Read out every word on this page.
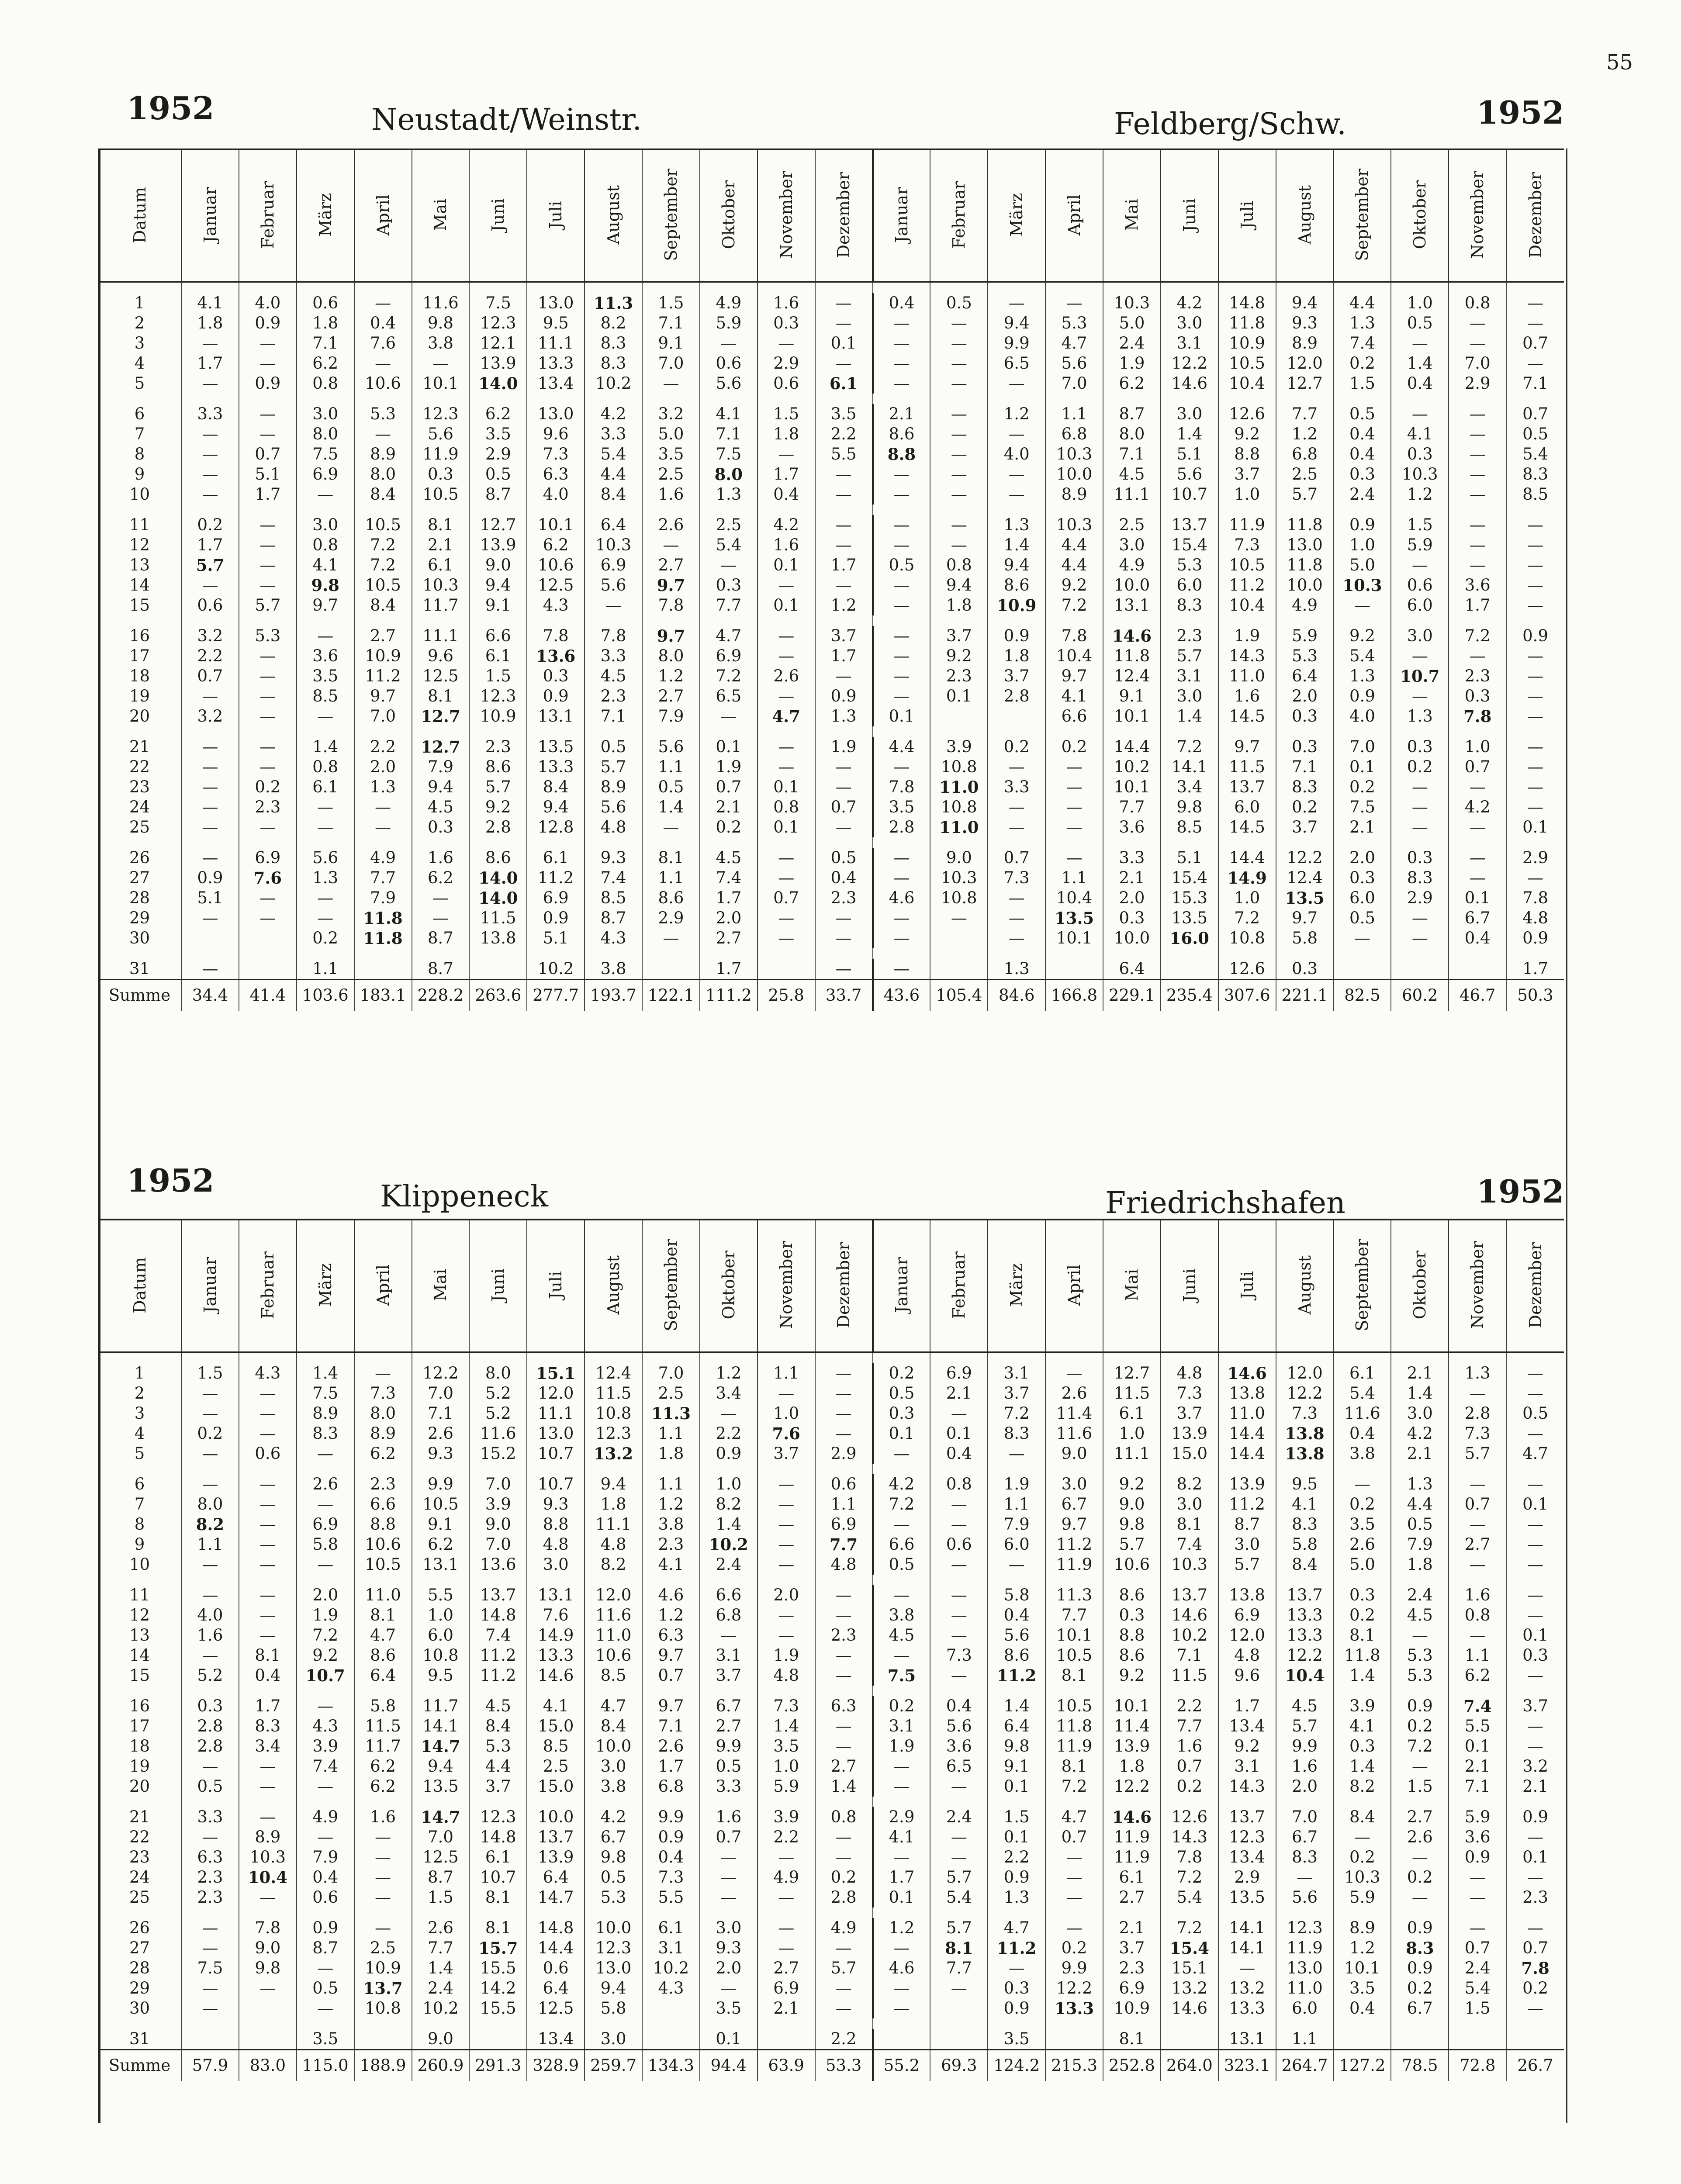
55
1952	Neustadt/Weinstr.	Feldberg/Schw.	1952
1952	Klippeneck	Friedrichshafen	1952
Datum	Januar	Februar	März	April	Mai	Juni	Juli	August	September	Oktober	November	Dezember	Januar	Februar	März	April	Mai	Juni	Juli	August	September	Oktober	November	Dezember

1	4.1	4.0	0.6	—	11.6	7.5	13.0	11.3	1.5	4.9	1.6	—	0.4	0.5	—	—	10.3	4.2	14.8	9.4	4.4	1.0	0.8	—
2	1.8	0.9	1.8	0.4	9.8	12.3	9.5	8.2	7.1	5.9	0.3	—	—	—	9.4	5.3	5.0	3.0	11.8	9.3	1.3	0.5	—	—
3	—	—	7.1	7.6	3.8	12.1	11.1	8.3	9.1	—	—	0.1	—	—	9.9	4.7	2.4	3.1	10.9	8.9	7.4	—	—	0.7
4	1.7	—	6.2	—	—	13.9	13.3	8.3	7.0	0.6	2.9	—	—	—	6.5	5.6	1.9	12.2	10.5	12.0	0.2	1.4	7.0	—
5	—	0.9	0.8	10.6	10.1	14.0	13.4	10.2	—	5.6	0.6	6.1	—	—	—	7.0	6.2	14.6	10.4	12.7	1.5	0.4	2.9	7.1

6	3.3	—	3.0	5.3	12.3	6.2	13.0	4.2	3.2	4.1	1.5	3.5	2.1	—	1.2	1.1	8.7	3.0	12.6	7.7	0.5	—	—	0.7
7	—	—	8.0	—	5.6	3.5	9.6	3.3	5.0	7.1	1.8	2.2	8.6	—	—	6.8	8.0	1.4	9.2	1.2	0.4	4.1	—	0.5
8	—	0.7	7.5	8.9	11.9	2.9	7.3	5.4	3.5	7.5	—	5.5	8.8	—	4.0	10.3	7.1	5.1	8.8	6.8	0.4	0.3	—	5.4
9	—	5.1	6.9	8.0	0.3	0.5	6.3	4.4	2.5	8.0	1.7	—	—	—	—	10.0	4.5	5.6	3.7	2.5	0.3	10.3	—	8.3
10	—	1.7	—	8.4	10.5	8.7	4.0	8.4	1.6	1.3	0.4	—	—	—	—	8.9	11.1	10.7	1.0	5.7	2.4	1.2	—	8.5

11	0.2	—	3.0	10.5	8.1	12.7	10.1	6.4	2.6	2.5	4.2	—	—	—	1.3	10.3	2.5	13.7	11.9	11.8	0.9	1.5	—	—
12	1.7	—	0.8	7.2	2.1	13.9	6.2	10.3	—	5.4	1.6	—	—	—	1.4	4.4	3.0	15.4	7.3	13.0	1.0	5.9	—	—
13	5.7	—	4.1	7.2	6.1	9.0	10.6	6.9	2.7	—	0.1	1.7	0.5	0.8	9.4	4.4	4.9	5.3	10.5	11.8	5.0	—	—	—
14	—	—	9.8	10.5	10.3	9.4	12.5	5.6	9.7	0.3	—	—	—	9.4	8.6	9.2	10.0	6.0	11.2	10.0	10.3	0.6	3.6	—
15	0.6	5.7	9.7	8.4	11.7	9.1	4.3	—	7.8	7.7	0.1	1.2	—	1.8	10.9	7.2	13.1	8.3	10.4	4.9	—	6.0	1.7	—

16	3.2	5.3	—	2.7	11.1	6.6	7.8	7.8	9.7	4.7	—	3.7	—	3.7	0.9	7.8	14.6	2.3	1.9	5.9	9.2	3.0	7.2	0.9
17	2.2	—	3.6	10.9	9.6	6.1	13.6	3.3	8.0	6.9	—	1.7	—	9.2	1.8	10.4	11.8	5.7	14.3	5.3	5.4	—	—	—
18	0.7	—	3.5	11.2	12.5	1.5	0.3	4.5	1.2	7.2	2.6	—	—	2.3	3.7	9.7	12.4	3.1	11.0	6.4	1.3	10.7	2.3	—
19	—	—	8.5	9.7	8.1	12.3	0.9	2.3	2.7	6.5	—	0.9	—	0.1	2.8	4.1	9.1	3.0	1.6	2.0	0.9	—	0.3	—
20	3.2	—	—	7.0	12.7	10.9	13.1	7.1	7.9	—	4.7	1.3	0.1			6.6	10.1	1.4	14.5	0.3	4.0	1.3	7.8	—

21	—	—	1.4	2.2	12.7	2.3	13.5	0.5	5.6	0.1	—	1.9	4.4	3.9	0.2	0.2	14.4	7.2	9.7	0.3	7.0	0.3	1.0	—
22	—	—	0.8	2.0	7.9	8.6	13.3	5.7	1.1	1.9	—	—	—	10.8	—	—	10.2	14.1	11.5	7.1	0.1	0.2	0.7	—
23	—	0.2	6.1	1.3	9.4	5.7	8.4	8.9	0.5	0.7	0.1	—	7.8	11.0	3.3	—	10.1	3.4	13.7	8.3	0.2	—	—	—
24	—	2.3	—	—	4.5	9.2	9.4	5.6	1.4	2.1	0.8	0.7	3.5	10.8	—	—	7.7	9.8	6.0	0.2	7.5	—	4.2	—
25	—	—	—	—	0.3	2.8	12.8	4.8	—	0.2	0.1	—	2.8	11.0	—	—	3.6	8.5	14.5	3.7	2.1	—	—	0.1

26	—	6.9	5.6	4.9	1.6	8.6	6.1	9.3	8.1	4.5	—	0.5	—	9.0	0.7	—	3.3	5.1	14.4	12.2	2.0	0.3	—	2.9
27	0.9	7.6	1.3	7.7	6.2	14.0	11.2	7.4	1.1	7.4	—	0.4	—	10.3	7.3	1.1	2.1	15.4	14.9	12.4	0.3	8.3	—	—
28	5.1	—	—	7.9	—	14.0	6.9	8.5	8.6	1.7	0.7	2.3	4.6	10.8	—	10.4	2.0	15.3	1.0	13.5	6.0	2.9	0.1	7.8
29	—	—	—	11.8	—	11.5	0.9	8.7	2.9	2.0	—	—	—	—	—	13.5	0.3	13.5	7.2	9.7	0.5	—	6.7	4.8
30			0.2	11.8	8.7	13.8	5.1	4.3	—	2.7	—	—	—		—	10.1	10.0	16.0	10.8	5.8	—	—	0.4	0.9

31	—		1.1		8.7		10.2	3.8		1.7		—	—		1.3		6.4		12.6	0.3				1.7
Summe	34.4	41.4	103.6	183.1	228.2	263.6	277.7	193.7	122.1	111.2	25.8	33.7	43.6	105.4	84.6	166.8	229.1	235.4	307.6	221.1	82.5	60.2	46.7	50.3
Datum	Januar	Februar	März	April	Mai	Juni	Juli	August	September	Oktober	November	Dezember	Januar	Februar	März	April	Mai	Juni	Juli	August	September	Oktober	November	Dezember

1	1.5	4.3	1.4	—	12.2	8.0	15.1	12.4	7.0	1.2	1.1	—	0.2	6.9	3.1	—	12.7	4.8	14.6	12.0	6.1	2.1	1.3	—
2	—	—	7.5	7.3	7.0	5.2	12.0	11.5	2.5	3.4	—	—	0.5	2.1	3.7	2.6	11.5	7.3	13.8	12.2	5.4	1.4	—	—
3	—	—	8.9	8.0	7.1	5.2	11.1	10.8	11.3	—	1.0	—	0.3	—	7.2	11.4	6.1	3.7	11.0	7.3	11.6	3.0	2.8	0.5
4	0.2	—	8.3	8.9	2.6	11.6	13.0	12.3	1.1	2.2	7.6	—	0.1	0.1	8.3	11.6	1.0	13.9	14.4	13.8	0.4	4.2	7.3	—
5	—	0.6	—	6.2	9.3	15.2	10.7	13.2	1.8	0.9	3.7	2.9	—	0.4	—	9.0	11.1	15.0	14.4	13.8	3.8	2.1	5.7	4.7

6	—	—	2.6	2.3	9.9	7.0	10.7	9.4	1.1	1.0	—	0.6	4.2	0.8	1.9	3.0	9.2	8.2	13.9	9.5	—	1.3	—	—
7	8.0	—	—	6.6	10.5	3.9	9.3	1.8	1.2	8.2	—	1.1	7.2	—	1.1	6.7	9.0	3.0	11.2	4.1	0.2	4.4	0.7	0.1
8	8.2	—	6.9	8.8	9.1	9.0	8.8	11.1	3.8	1.4	—	6.9	—	—	7.9	9.7	9.8	8.1	8.7	8.3	3.5	0.5	—	—
9	1.1	—	5.8	10.6	6.2	7.0	4.8	4.8	2.3	10.2	—	7.7	6.6	0.6	6.0	11.2	5.7	7.4	3.0	5.8	2.6	7.9	2.7	—
10	—	—	—	10.5	13.1	13.6	3.0	8.2	4.1	2.4	—	4.8	0.5	—	—	11.9	10.6	10.3	5.7	8.4	5.0	1.8	—	—

11	—	—	2.0	11.0	5.5	13.7	13.1	12.0	4.6	6.6	2.0	—	—	—	5.8	11.3	8.6	13.7	13.8	13.7	0.3	2.4	1.6	—
12	4.0	—	1.9	8.1	1.0	14.8	7.6	11.6	1.2	6.8	—	—	3.8	—	0.4	7.7	0.3	14.6	6.9	13.3	0.2	4.5	0.8	—
13	1.6	—	7.2	4.7	6.0	7.4	14.9	11.0	6.3	—	—	2.3	4.5	—	5.6	10.1	8.8	10.2	12.0	13.3	8.1	—	—	0.1
14	—	8.1	9.2	8.6	10.8	11.2	13.3	10.6	9.7	3.1	1.9	—	—	7.3	8.6	10.5	8.6	7.1	4.8	12.2	11.8	5.3	1.1	0.3
15	5.2	0.4	10.7	6.4	9.5	11.2	14.6	8.5	0.7	3.7	4.8	—	7.5	—	11.2	8.1	9.2	11.5	9.6	10.4	1.4	5.3	6.2	—

16	0.3	1.7	—	5.8	11.7	4.5	4.1	4.7	9.7	6.7	7.3	6.3	0.2	0.4	1.4	10.5	10.1	2.2	1.7	4.5	3.9	0.9	7.4	3.7
17	2.8	8.3	4.3	11.5	14.1	8.4	15.0	8.4	7.1	2.7	1.4	—	3.1	5.6	6.4	11.8	11.4	7.7	13.4	5.7	4.1	0.2	5.5	—
18	2.8	3.4	3.9	11.7	14.7	5.3	8.5	10.0	2.6	9.9	3.5	—	1.9	3.6	9.8	11.9	13.9	1.6	9.2	9.9	0.3	7.2	0.1	—
19	—	—	7.4	6.2	9.4	4.4	2.5	3.0	1.7	0.5	1.0	2.7	—	6.5	9.1	8.1	1.8	0.7	3.1	1.6	1.4	—	2.1	3.2
20	0.5	—	—	6.2	13.5	3.7	15.0	3.8	6.8	3.3	5.9	1.4	—	—	0.1	7.2	12.2	0.2	14.3	2.0	8.2	1.5	7.1	2.1

21	3.3	—	4.9	1.6	14.7	12.3	10.0	4.2	9.9	1.6	3.9	0.8	2.9	2.4	1.5	4.7	14.6	12.6	13.7	7.0	8.4	2.7	5.9	0.9
22	—	8.9	—	—	7.0	14.8	13.7	6.7	0.9	0.7	2.2	—	4.1	—	0.1	0.7	11.9	14.3	12.3	6.7	—	2.6	3.6	—
23	6.3	10.3	7.9	—	12.5	6.1	13.9	9.8	0.4	—	—	—	—	—	2.2	—	11.9	7.8	13.4	8.3	0.2	—	0.9	0.1
24	2.3	10.4	0.4	—	8.7	10.7	6.4	0.5	7.3	—	4.9	0.2	1.7	5.7	0.9	—	6.1	7.2	2.9	—	10.3	0.2	—	—
25	2.3	—	0.6	—	1.5	8.1	14.7	5.3	5.5	—	—	2.8	0.1	5.4	1.3	—	2.7	5.4	13.5	5.6	5.9	—	—	2.3

26	—	7.8	0.9	—	2.6	8.1	14.8	10.0	6.1	3.0	—	4.9	1.2	5.7	4.7	—	2.1	7.2	14.1	12.3	8.9	0.9	—	—
27	—	9.0	8.7	2.5	7.7	15.7	14.4	12.3	3.1	9.3	—	—	—	8.1	11.2	0.2	3.7	15.4	14.1	11.9	1.2	8.3	0.7	0.7
28	7.5	9.8	—	10.9	1.4	15.5	0.6	13.0	10.2	2.0	2.7	5.7	4.6	7.7	—	9.9	2.3	15.1	—	13.0	10.1	0.9	2.4	7.8
29	—	—	0.5	13.7	2.4	14.2	6.4	9.4	4.3	—	6.9	—	—	—	0.3	12.2	6.9	13.2	13.2	11.0	3.5	0.2	5.4	0.2
30	—		—	10.8	10.2	15.5	12.5	5.8		3.5	2.1	—	—		0.9	13.3	10.9	14.6	13.3	6.0	0.4	6.7	1.5	—

31			3.5		9.0		13.4	3.0		0.1		2.2			3.5		8.1		13.1	1.1				
Summe	57.9	83.0	115.0	188.9	260.9	291.3	328.9	259.7	134.3	94.4	63.9	53.3	55.2	69.3	124.2	215.3	252.8	264.0	323.1	264.7	127.2	78.5	72.8	26.7
